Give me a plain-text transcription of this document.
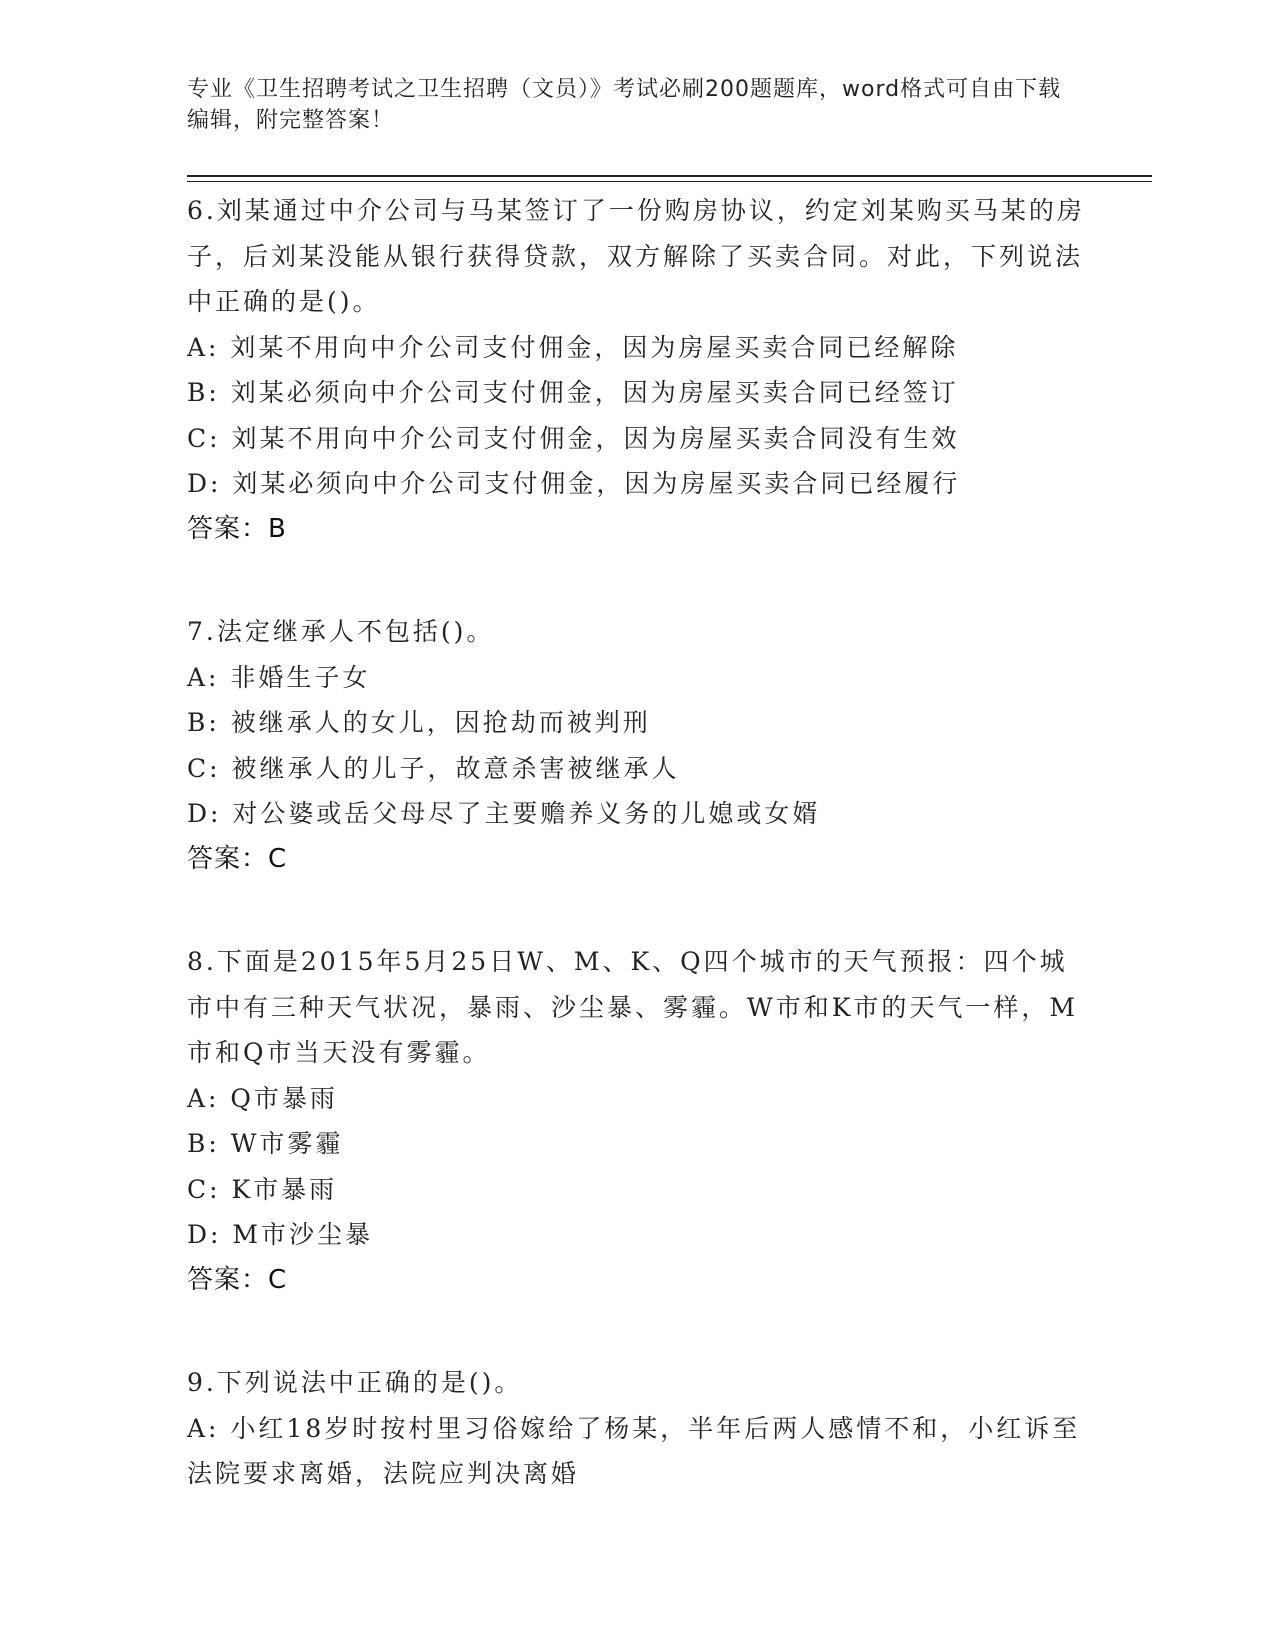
专业《卫生招聘考试之卫生招聘（文员）》考试必刷200题题库，word格式可自由下载编辑，附完整答案！
6.刘某通过中介公司与马某签订了一份购房协议，约定刘某购买马某的房子，后刘某没能从银行获得贷款，双方解除了买卖合同。对此，下列说法中正确的是()。
A: 刘某不用向中介公司支付佣金，因为房屋买卖合同已经解除
B: 刘某必须向中介公司支付佣金，因为房屋买卖合同已经签订
C: 刘某不用向中介公司支付佣金，因为房屋买卖合同没有生效
D: 刘某必须向中介公司支付佣金，因为房屋买卖合同已经履行
答案：B
7.法定继承人不包括()。
A: 非婚生子女
B: 被继承人的女儿，因抢劫而被判刑
C: 被继承人的儿子，故意杀害被继承人
D: 对公婆或岳父母尽了主要赡养义务的儿媳或女婿
答案：C
8.下面是2015年5月25日W、M、K、Q四个城市的天气预报：四个城市中有三种天气状况，暴雨、沙尘暴、雾霾。W市和K市的天气一样，M市和Q市当天没有雾霾。
A: Q市暴雨
B: W市雾霾
C: K市暴雨
D: M市沙尘暴
答案：C
9.下列说法中正确的是()。
A: 小红18岁时按村里习俗嫁给了杨某，半年后两人感情不和，小红诉至法院要求离婚，法院应判决离婚
